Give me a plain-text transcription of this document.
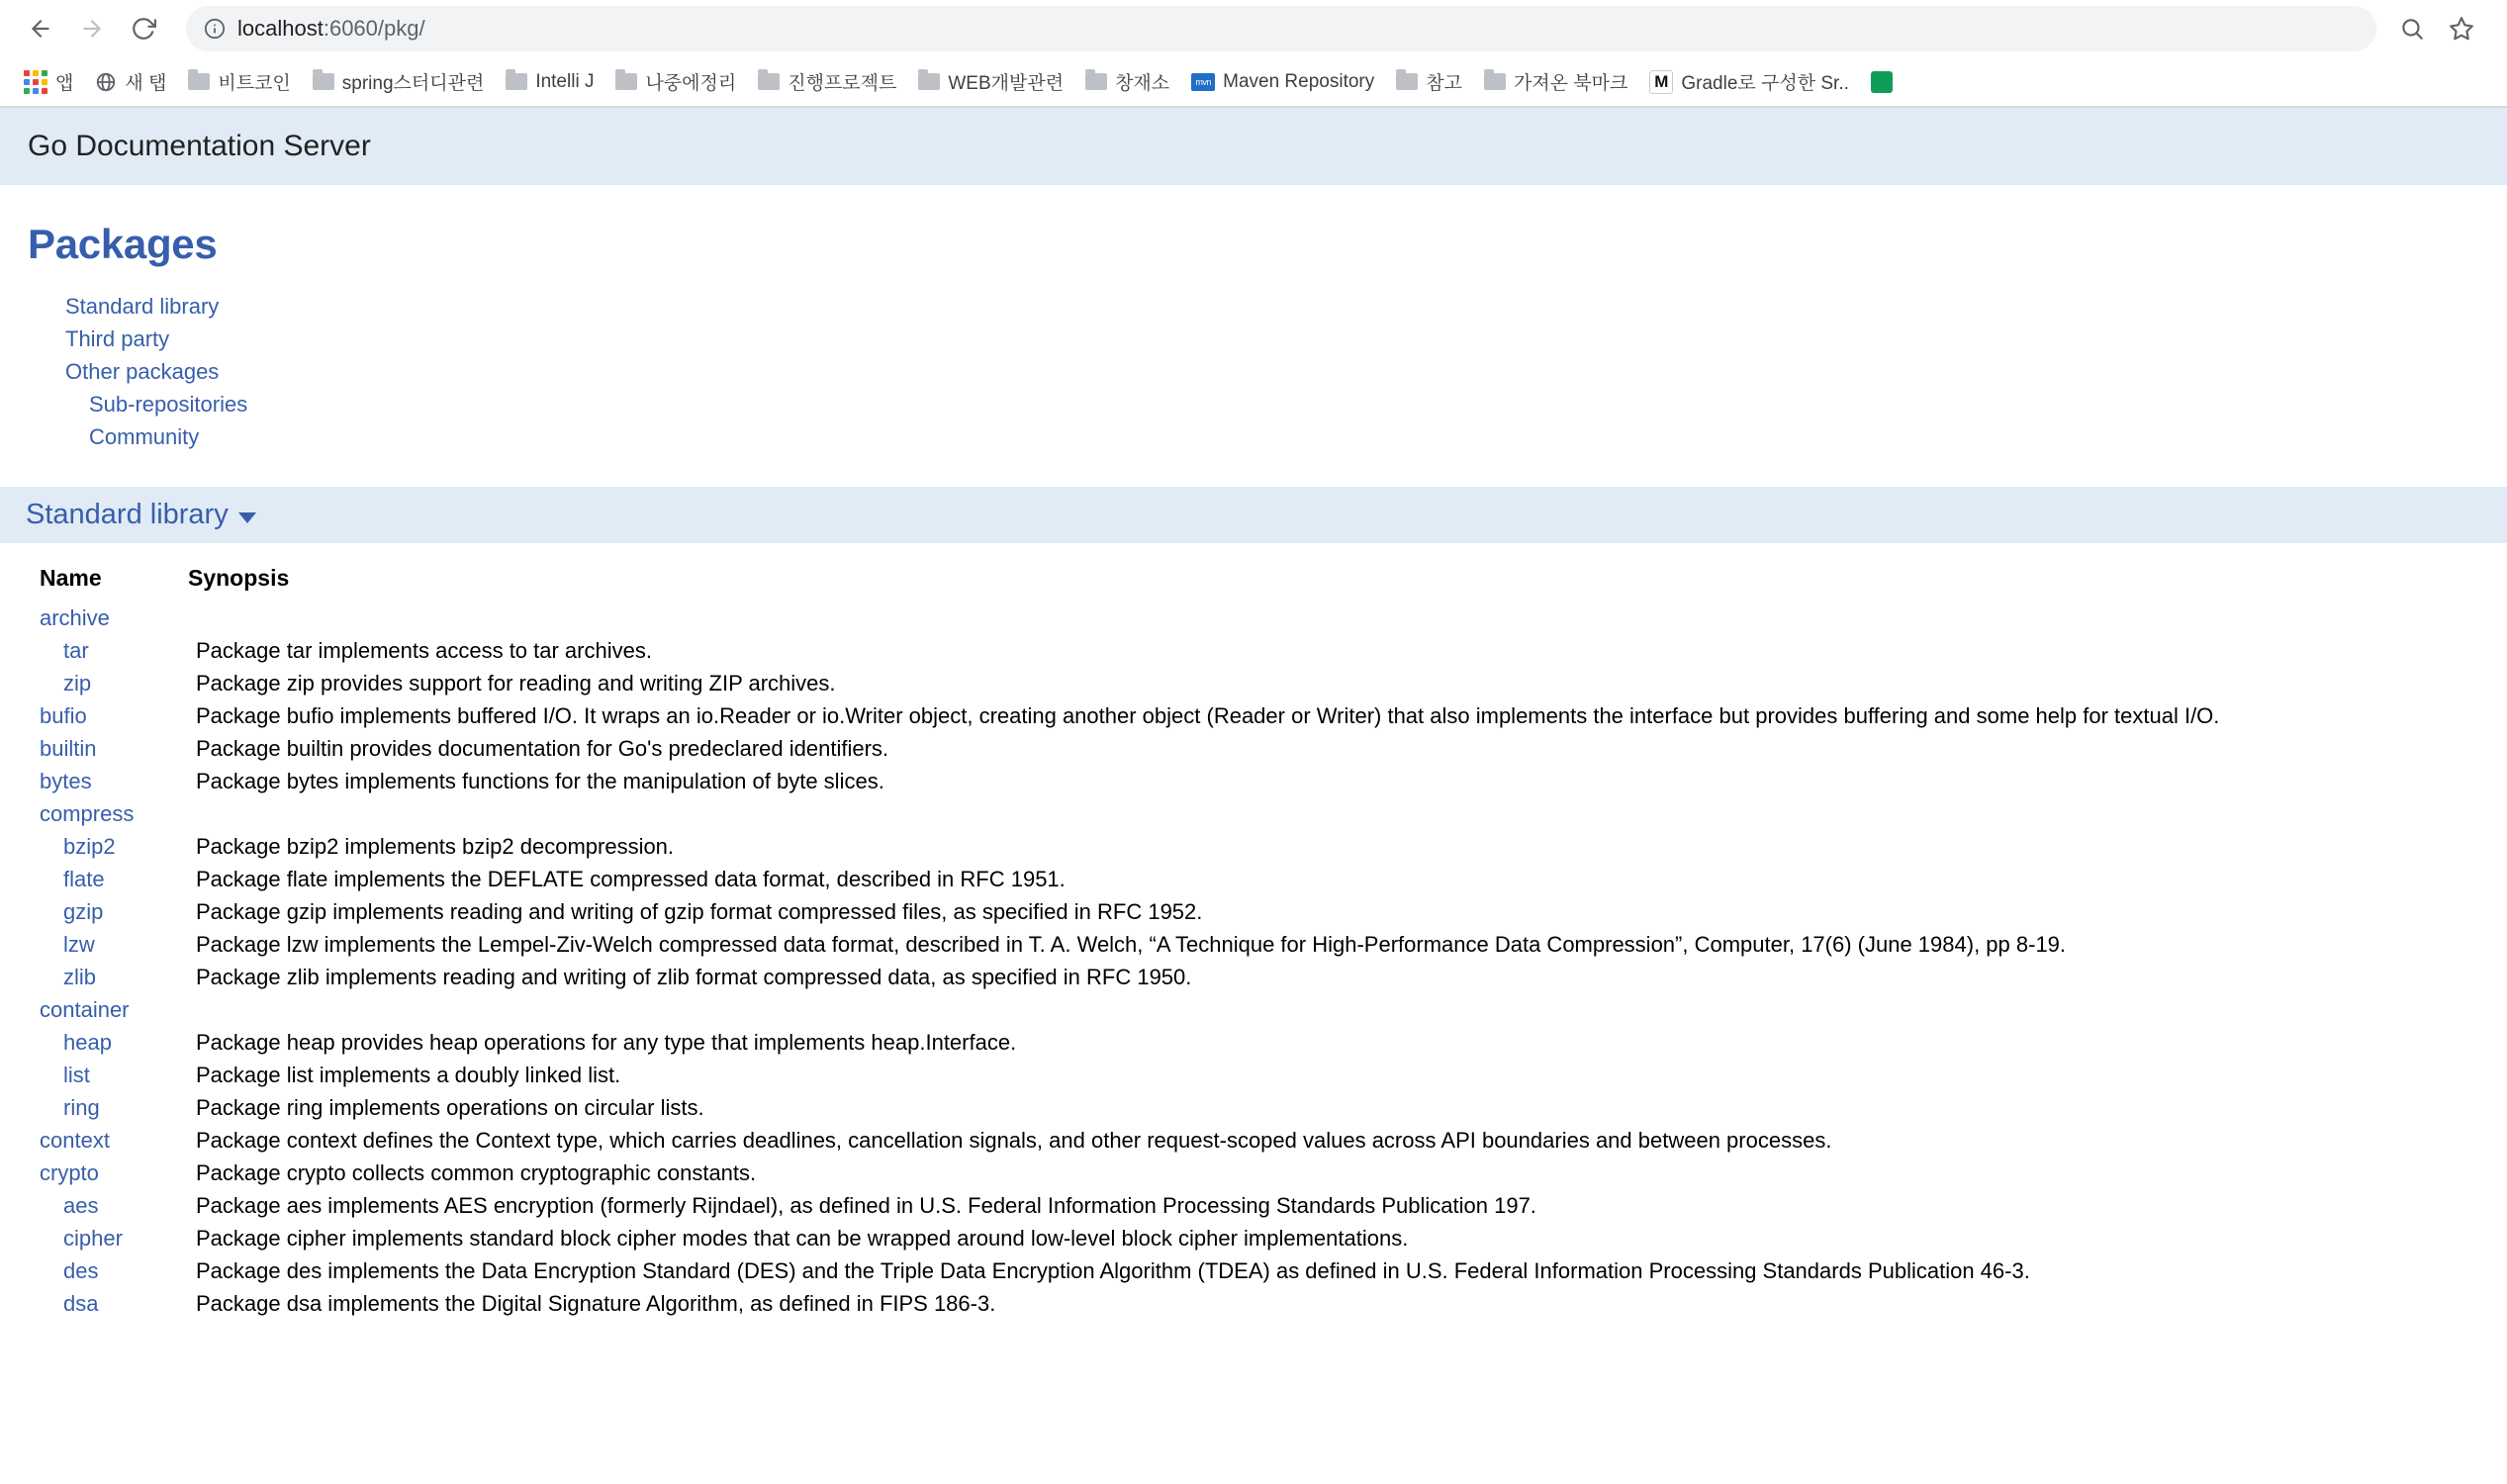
localhost:6060/pkg/
앱	새 탭	비트코인	spring스터디관련	Intelli J	나중에정리	진행프로젝트	WEB개발관련	창재소	mvn Maven Repository	참고	가져온 북마크 M Gradle로 구성한 Sr..
Go Documentation Server
Packages
Standard library
Third party
Other packages
Sub-repositories
Community
Standard library
Name	Synopsis
archive	
tar	Package tar implements access to tar archives.
zip	Package zip provides support for reading and writing ZIP archives.
bufio	Package bufio implements buffered I/O. It wraps an io.Reader or io.Writer object, creating another object (Reader or Writer) that also implements the interface but provides buffering and some help for textual I/O.
builtin	Package builtin provides documentation for Go's predeclared identifiers.
bytes	Package bytes implements functions for the manipulation of byte slices.
compress	
bzip2	Package bzip2 implements bzip2 decompression.
flate	Package flate implements the DEFLATE compressed data format, described in RFC 1951.
gzip	Package gzip implements reading and writing of gzip format compressed files, as specified in RFC 1952.
lzw	Package lzw implements the Lempel-Ziv-Welch compressed data format, described in T. A. Welch, “A Technique for High-Performance Data Compression”, Computer, 17(6) (June 1984), pp 8-19.
zlib	Package zlib implements reading and writing of zlib format compressed data, as specified in RFC 1950.
container	
heap	Package heap provides heap operations for any type that implements heap.Interface.
list	Package list implements a doubly linked list.
ring	Package ring implements operations on circular lists.
context	Package context defines the Context type, which carries deadlines, cancellation signals, and other request-scoped values across API boundaries and between processes.
crypto	Package crypto collects common cryptographic constants.
aes	Package aes implements AES encryption (formerly Rijndael), as defined in U.S. Federal Information Processing Standards Publication 197.
cipher	Package cipher implements standard block cipher modes that can be wrapped around low-level block cipher implementations.
des	Package des implements the Data Encryption Standard (DES) and the Triple Data Encryption Algorithm (TDEA) as defined in U.S. Federal Information Processing Standards Publication 46-3.
dsa	Package dsa implements the Digital Signature Algorithm, as defined in FIPS 186-3.
